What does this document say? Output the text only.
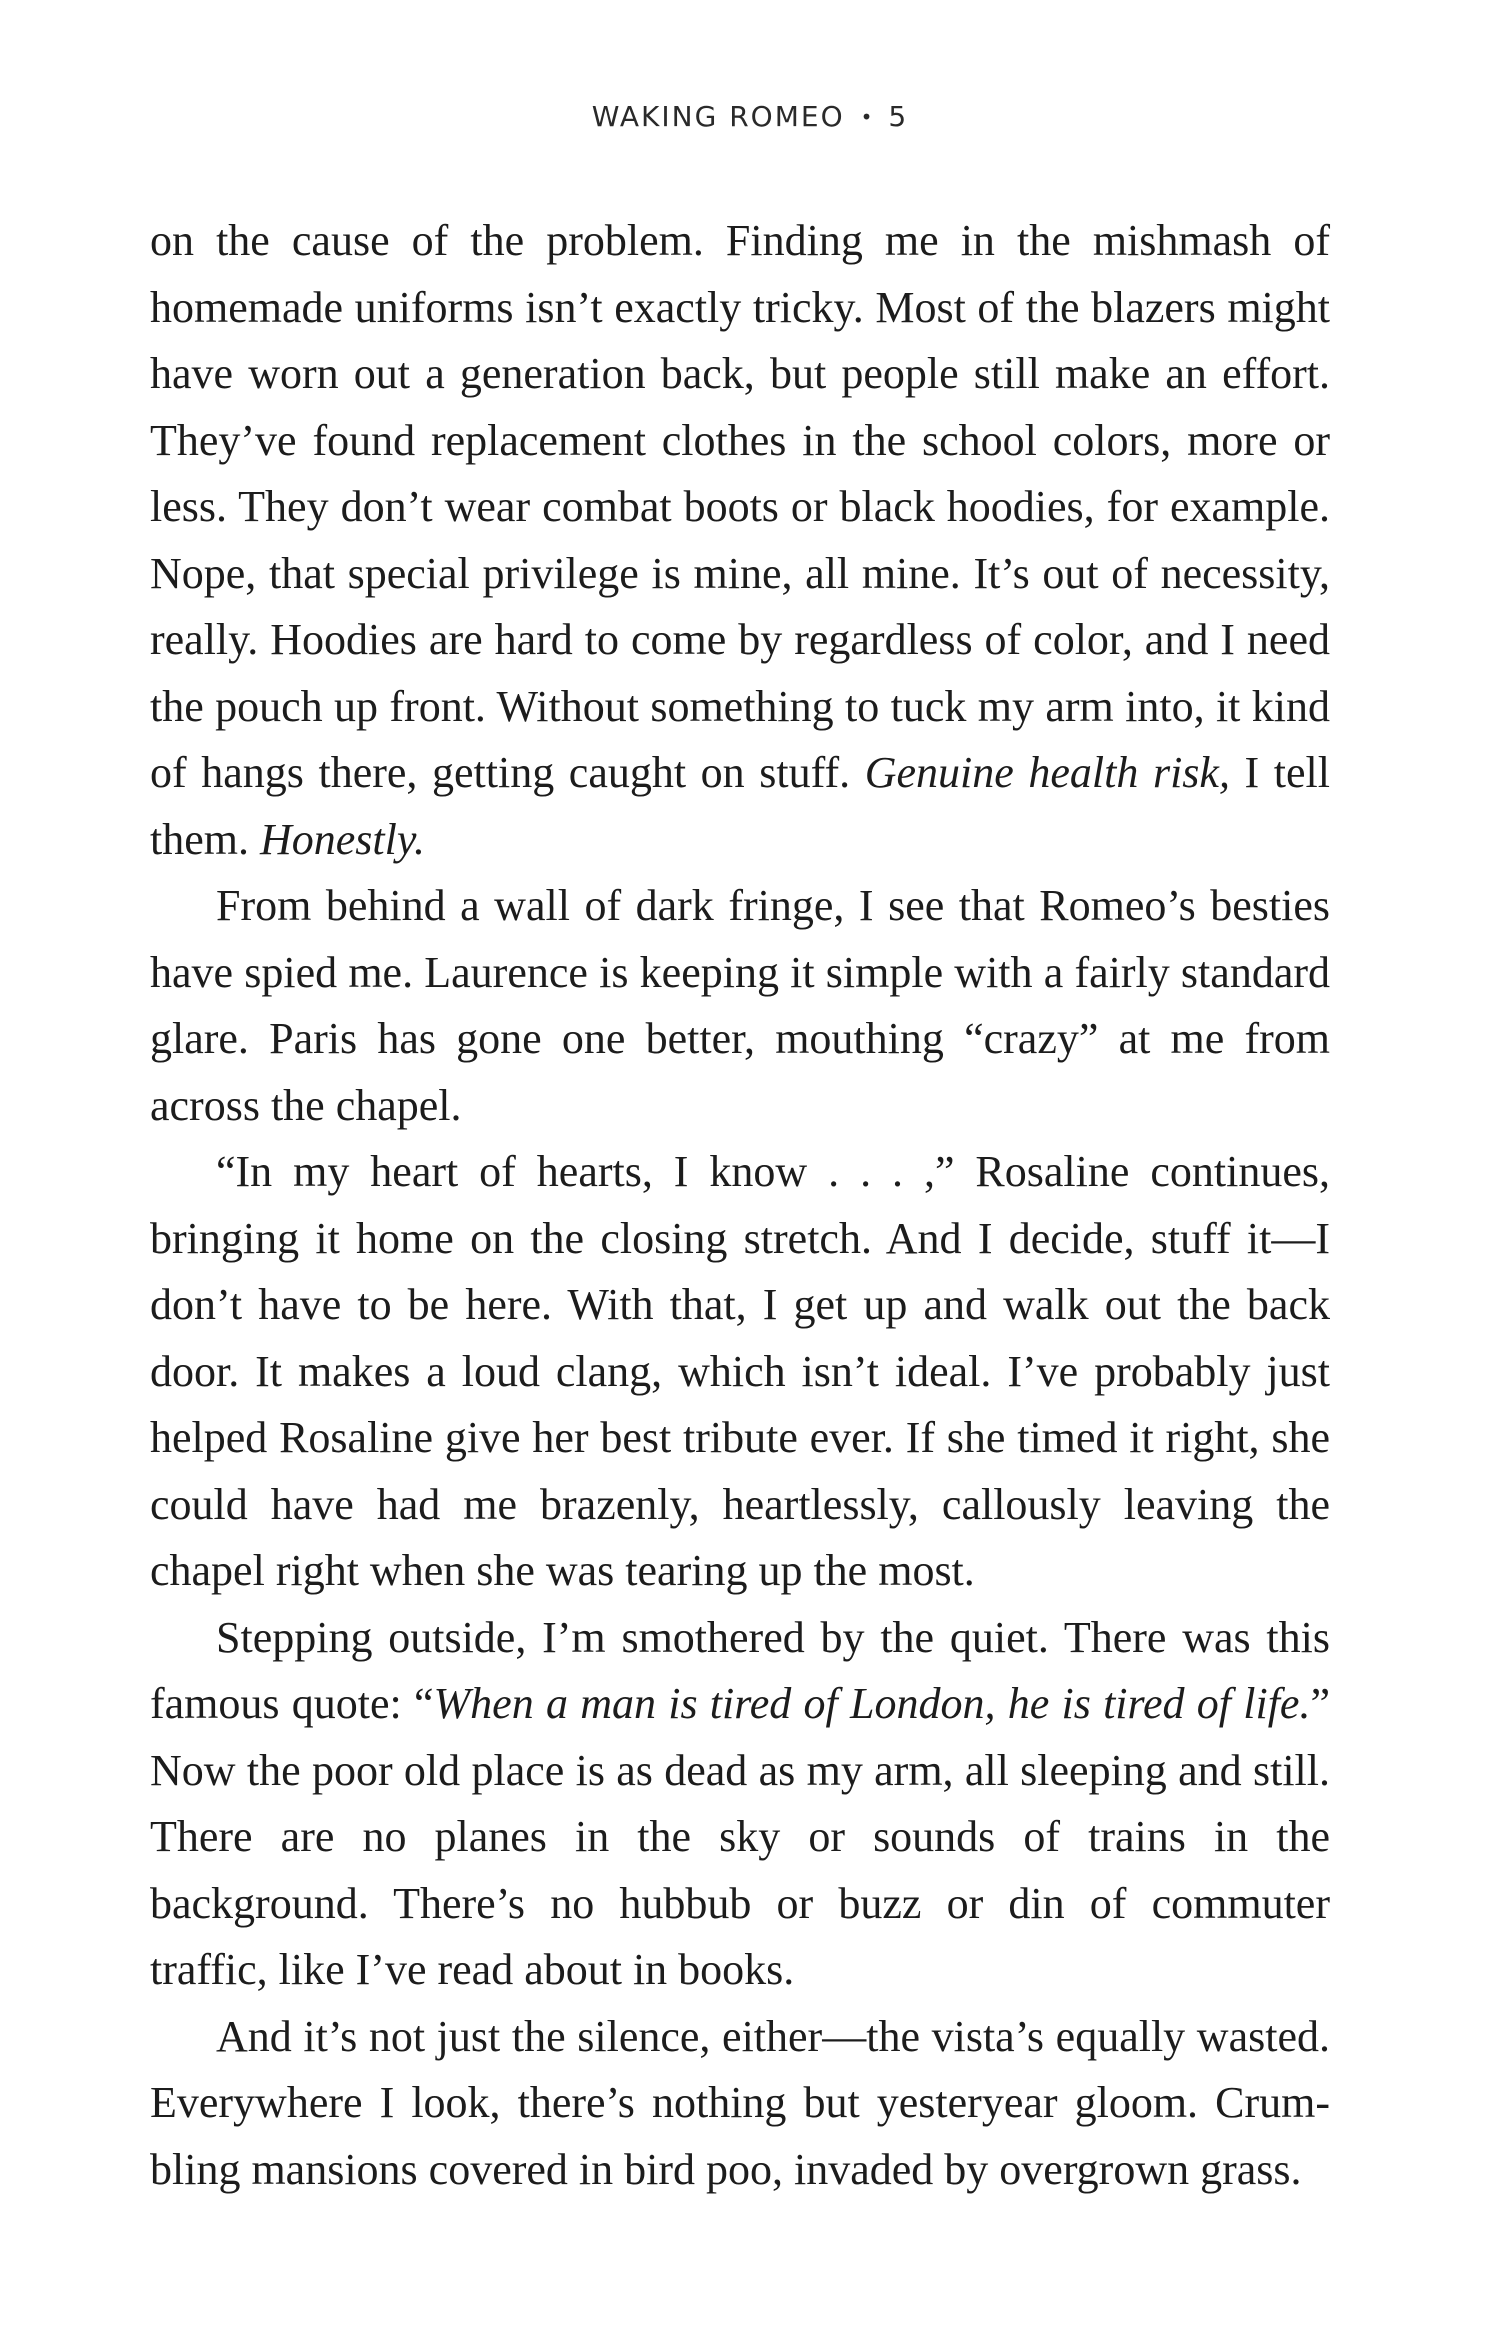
WAKING ROMEO • 5

on the cause of the problem. Finding me in the mishmash of homemade uniforms isn’t exactly tricky. Most of the blazers might have worn out a generation back, but people still make an effort. They’ve found replacement clothes in the school colors, more or less. They don’t wear combat boots or black hoodies, for example. Nope, that special privilege is mine, all mine. It’s out of necessity, really. Hoodies are hard to come by regardless of color, and I need the pouch up front. Without something to tuck my arm into, it kind of hangs there, getting caught on stuff. Genuine health risk, I tell them. Honestly.

From behind a wall of dark fringe, I see that Romeo’s besties have spied me. Laurence is keeping it simple with a fairly standard glare. Paris has gone one better, mouthing “crazy” at me from across the chapel.

“In my heart of hearts, I know . . . ,” Rosaline continues, bringing it home on the closing stretch. And I decide, stuff it—I don’t have to be here. With that, I get up and walk out the back door. It makes a loud clang, which isn’t ideal. I’ve probably just helped Rosaline give her best tribute ever. If she timed it right, she could have had me brazenly, heartlessly, callously leaving the chapel right when she was tearing up the most.

Stepping outside, I’m smothered by the quiet. There was this famous quote: “When a man is tired of London, he is tired of life.” Now the poor old place is as dead as my arm, all sleeping and still. There are no planes in the sky or sounds of trains in the background. There’s no hubbub or buzz or din of commuter traffic, like I’ve read about in books.

And it’s not just the silence, either—the vista’s equally wasted. Everywhere I look, there’s nothing but yesteryear gloom. Crumbling mansions covered in bird poo, invaded by overgrown grass.
